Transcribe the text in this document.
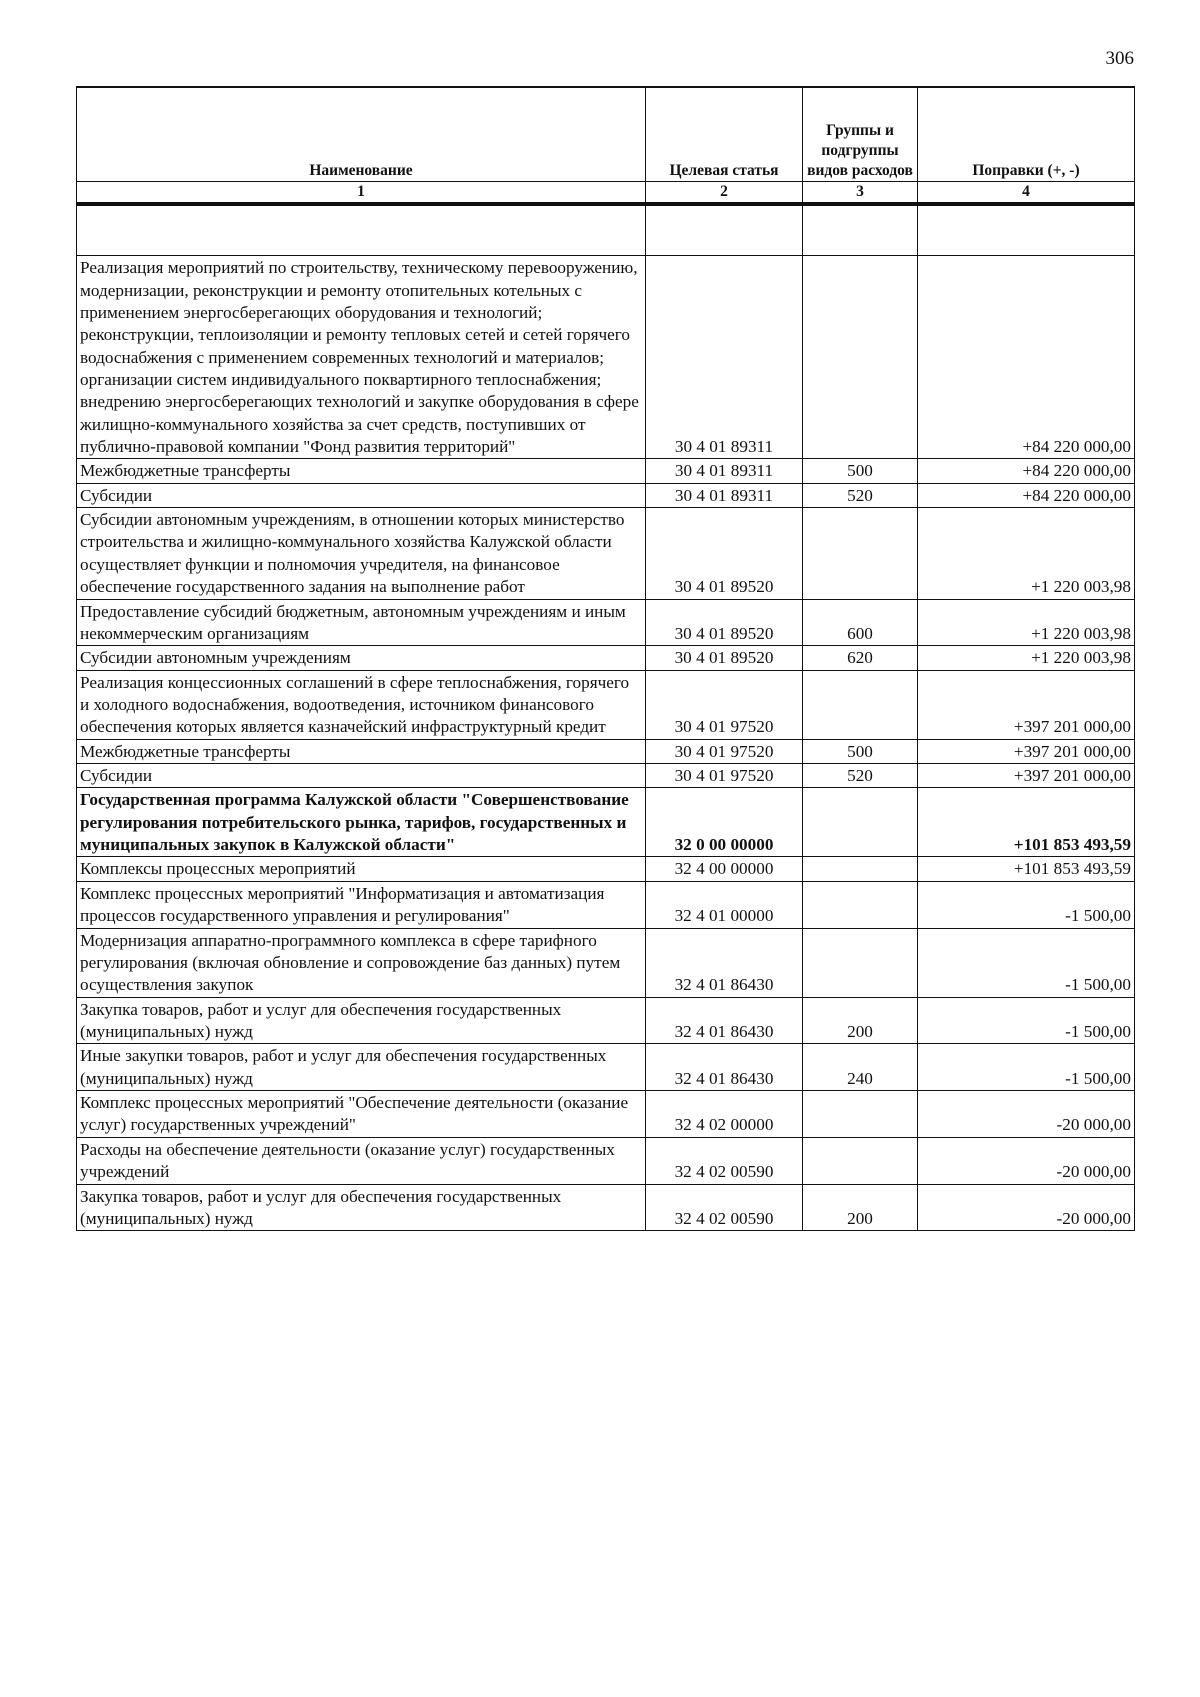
306
Наименование	Целевая статья	Группы и подгруппы видов расходов	Поправки (+, -)
1	2	3	4

Реализация мероприятий по строительству, техническому перевооружению, модернизации, реконструкции и ремонту отопительных котельных с применением энергосберегающих оборудования и технологий; реконструкции, теплоизоляции и ремонту тепловых сетей и сетей горячего водоснабжения с применением современных технологий и материалов; организации систем индивидуального поквартирного теплоснабжения; внедрению энергосберегающих технологий и закупке оборудования в сфере жилищно-коммунального хозяйства за счет средств, поступивших от публично-правовой компании "Фонд развития территорий"	30 4 01 89311		+84 220 000,00
Межбюджетные трансферты	30 4 01 89311	500	+84 220 000,00
Субсидии	30 4 01 89311	520	+84 220 000,00
Субсидии автономным учреждениям, в отношении которых министерство строительства и жилищно-коммунального хозяйства Калужской области осуществляет функции и полномочия учредителя, на финансовое обеспечение государственного задания на выполнение работ	30 4 01 89520		+1 220 003,98
Предоставление субсидий бюджетным, автономным учреждениям и иным некоммерческим организациям	30 4 01 89520	600	+1 220 003,98
Субсидии автономным учреждениям	30 4 01 89520	620	+1 220 003,98
Реализация концессионных соглашений в сфере теплоснабжения, горячего и холодного водоснабжения, водоотведения, источником финансового обеспечения которых является казначейский инфраструктурный кредит	30 4 01 97520		+397 201 000,00
Межбюджетные трансферты	30 4 01 97520	500	+397 201 000,00
Субсидии	30 4 01 97520	520	+397 201 000,00
Государственная программа Калужской области "Совершенствование регулирования потребительского рынка, тарифов, государственных и муниципальных закупок в Калужской области"	32 0 00 00000		+101 853 493,59
Комплексы процессных мероприятий	32 4 00 00000		+101 853 493,59
Комплекс процессных мероприятий "Информатизация и автоматизация процессов государственного управления и регулирования"	32 4 01 00000		-1 500,00
Модернизация аппаратно-программного комплекса в сфере тарифного регулирования (включая обновление и сопровождение баз данных) путем осуществления закупок	32 4 01 86430		-1 500,00
Закупка товаров, работ и услуг для обеспечения государственных (муниципальных) нужд	32 4 01 86430	200	-1 500,00
Иные закупки товаров, работ и услуг для обеспечения государственных (муниципальных) нужд	32 4 01 86430	240	-1 500,00
Комплекс процессных мероприятий "Обеспечение деятельности (оказание услуг) государственных учреждений"	32 4 02 00000		-20 000,00
Расходы на обеспечение деятельности (оказание услуг) государственных учреждений	32 4 02 00590		-20 000,00
Закупка товаров, работ и услуг для обеспечения государственных (муниципальных) нужд	32 4 02 00590	200	-20 000,00
